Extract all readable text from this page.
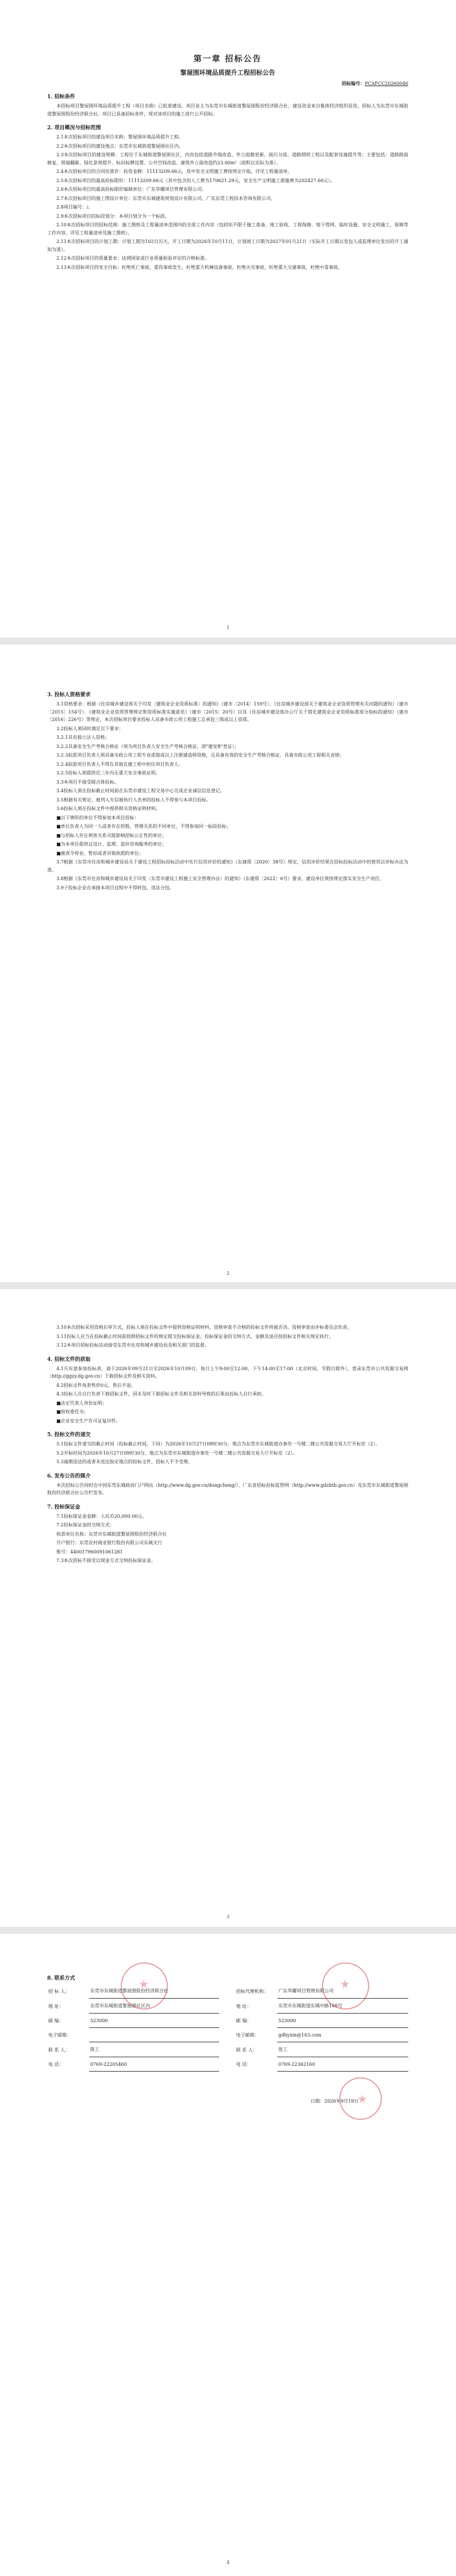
第一章 招标公告

黎屋围环境品质提升工程招标公告

招标编号：PCAFCC20260046

1. 招标条件

本招标项目黎屋围环境品质提升工程（项目名称）已批准建设，项目业主为东莞市东城街道黎屋围股份经济联合社，建设资金来自集体经济组织投资，招标人为东莞市东城街道黎屋围股份经济联合社。项目已具备招标条件，现对该项目的施工进行公开招标。

2. 项目概况与招标范围

2.1本次招标项目的建设项目名称：黎屋围环境品质提升工程。

2.2本次招标项目的建设地点：东莞市东城街道黎屋围社区内。

2.3本次招标项目的建设规模：工程位于东城街道黎屋围社区，内容包括道路升级改造、外立面微更新、雨污分流、道路照明工程以及配套设施提升等；主要包括：道路路面修复、围墙翻新、绿化景观提升、标识标牌设置、公共空间改造、建筑外立面改造约23.00m²（面积以实际为准）。

2.4本次招标项目的合同估算价：投资金额：11113209.66元，其中安全文明施工费按规定计取，详见工程量清单。

2.5本次招标项目的最高投标限价：11113209.66元（其中包含的人工费为170621.29元，安全生产文明施工措施费为202427.60元）。

2.6本次招标项目的最高投标限价编制单位：广东华耀项目管理有限公司。

2.7本次招标项目的施工图设计单位：东莞市东城建筑规划设计有限公司，广东东莞工程技术咨询有限公司。

2.8项目编号：/。

2.9本次招标项目的标段划分：本项目划分为一个标段。

2.10本次招标项目的招标范围：施工图纸及工程量清单范围内的全部工作内容（包括但不限于施工准备、竣工验收、工程保修、地下管网、临时设施、安全文明施工、保修等工作内容，详见工程量清单及施工图纸）。

2.11本次招标项目的计划工期：计划工期为102日历天，开工日期为2026年10月11日，计划竣工日期为2027年01月21日（实际开工日期以发包人或监理单位发出的开工通知为准）。

2.12本次招标项目的质量要求：达到国家或行业质量检验评定的合格标准。

2.13本次招标项目的安全目标：杜绝死亡事故、重伤事故发生，杜绝重大机械设备事故，杜绝火灾事故，杜绝重大交通事故，杜绝中毒事故。

1

3. 投标人资格要求

3.1资格要求：根据《住房城乡建设部关于印发〈建筑业企业资质标准〉的通知》（建市〔2014〕159号）、《住房城乡建设部关于建筑业企业资质管理有关问题的通知》（建市〔2015〕154号）、《建筑业企业资质管理规定和资质标准实施意见》（建市〔2015〕20号）以及《住房城乡建设部办公厅关于简化建筑业企业资质标准部分指标的通知》（建市〔2016〕226号）等规定，本次招标项目要求投标人具备市政公用工程施工总承包三级或以上资质。

3.2投标人须同时满足以下要求：

3.2.1具有独立法人资格；

3.2.2具备安全生产考核合格证（须为项目负责人安全生产考核合格证，即"建安B"类证）；

3.2.3拟派项目负责人须具备市政公用工程专业贰级或以上注册建造师资格，且具备有效的安全生产考核合格证，具备市政公用工程相关业绩；

3.2.4拟派项目负责人不得在其他在建工程中担任项目负责人。

3.2.5投标人须提供近三年内无重大安全事故证明。

3.3本项目不接受联合体投标。

3.4投标人须在投标截止时间前在东莞市建设工程交易中心完成企业诚信信息登记。

3.5根据有关规定，被列入失信被执行人名单的投标人不得参与本项目投标。

3.6投标人须在投标文件中提供相关资格证明材料。

■以下情形的单位不得参加本项目投标：

■单位负责人为同一人或者存在控股、管理关系的不同单位，不得参加同一标段投标；

■与招标人存在利害关系可能影响招标公正性的单位；

■为本项目提供过设计、监理、造价咨询服务的单位；

■被责令停业、暂扣或者吊销执照的单位；

3.7根据《东莞市住房和城乡建设局关于建设工程招标投标活动中实行信用评价的通知》（东建质〔2020〕38号）规定，信用评价结果在招标投标活动中的使用以评标办法为准。

3.8根据《东莞市住房和城乡建设局关于印发〈东莞市建设工程施工安全管理办法〉的通知》（东建质〔2022〕6号）要求，建设单位须按规定落实安全生产责任。

3.9子投标企业在承接本项目过程中不得转包、违法分包。

2

3.10本次招标采用资格后审方式，投标人须在投标文件中提供资格证明材料，资格审查不合格的投标文件将被否决。资格审查由评标委员会负责。

3.11投标人应当在投标截止时间前按照招标文件的规定提交投标保证金。投标保证金的交纳方式、金额及退还按招标文件相关规定执行。

3.12本项目招标投标活动接受东莞市住房和城乡建设局及相关部门的监督。

4. 招标文件的获取

4.1凡有意参加投标者，请于2026年09月21日至2026年10月09日，每日上午9:00至12:00，下午14:00至17:00（北京时间，节假日除外），登录东莞市公共资源交易网（http://ggzy.dg.gov.cn）下载招标文件及相关资料。

4.2招标文件每套售价0元，售后不退。

4.3投标人应自行负责下载招标文件，因未及时下载招标文件及相关资料导致的后果由投标人自行承担。

■法定代表人身份证明；

■授权委托书；

■企业安全生产许可证复印件。

5. 投标文件的递交

5.1投标文件递交的截止时间（投标截止时间，下同）为2026年10月27日09时30分，地点为东莞市东城街道办事处一号楼二楼公共资源交易大厅开标室（2）。

5.2开标时间为2026年10月27日09时30分，地点为东莞市东城街道办事处一号楼二楼公共资源交易大厅开标室（2）。

5.3逾期送达的或者未送达指定地点的投标文件，招标人不予受理。

6. 发布公告的媒介

本次招标公告同时在中国东莞东城政府门户网站（http://www.dg.gov.cn/dongcheng/）、广东省招标投标监管网（http://www.gdzbtb.gov.cn）及东莞市东城街道黎屋围股份经济联合社公告栏发布。

7. 投标保证金

7.1投标保证金金额：人民币20,000.00元。

7.2投标保证金的交纳方式：

收款单位名称：东莞市东城街道黎屋围股份经济联合社

开户银行：东莞农村商业银行股份有限公司东城支行

账号：440017960091061281

7.3本次招标不接受以现金方式交纳投标保证金。

3

8. 联系方式

招 标 人：	东莞市东城街道黎屋围股份经济联合社		招标代理机构：	广东华耀项目管理有限公司
地 址：	东莞市东城街道黎屋围社区内		地 址：	东莞市东城街道东城中路168号
邮 编：	523000		邮 编：	523000
电子邮箱：			电子邮箱：	gdhyxm@163.com
联 系 人：	陈工		联 系 人：	张工
电 话：	0769-22205460		电 话：	0769-22362160
日期：2026年9月19日
4
